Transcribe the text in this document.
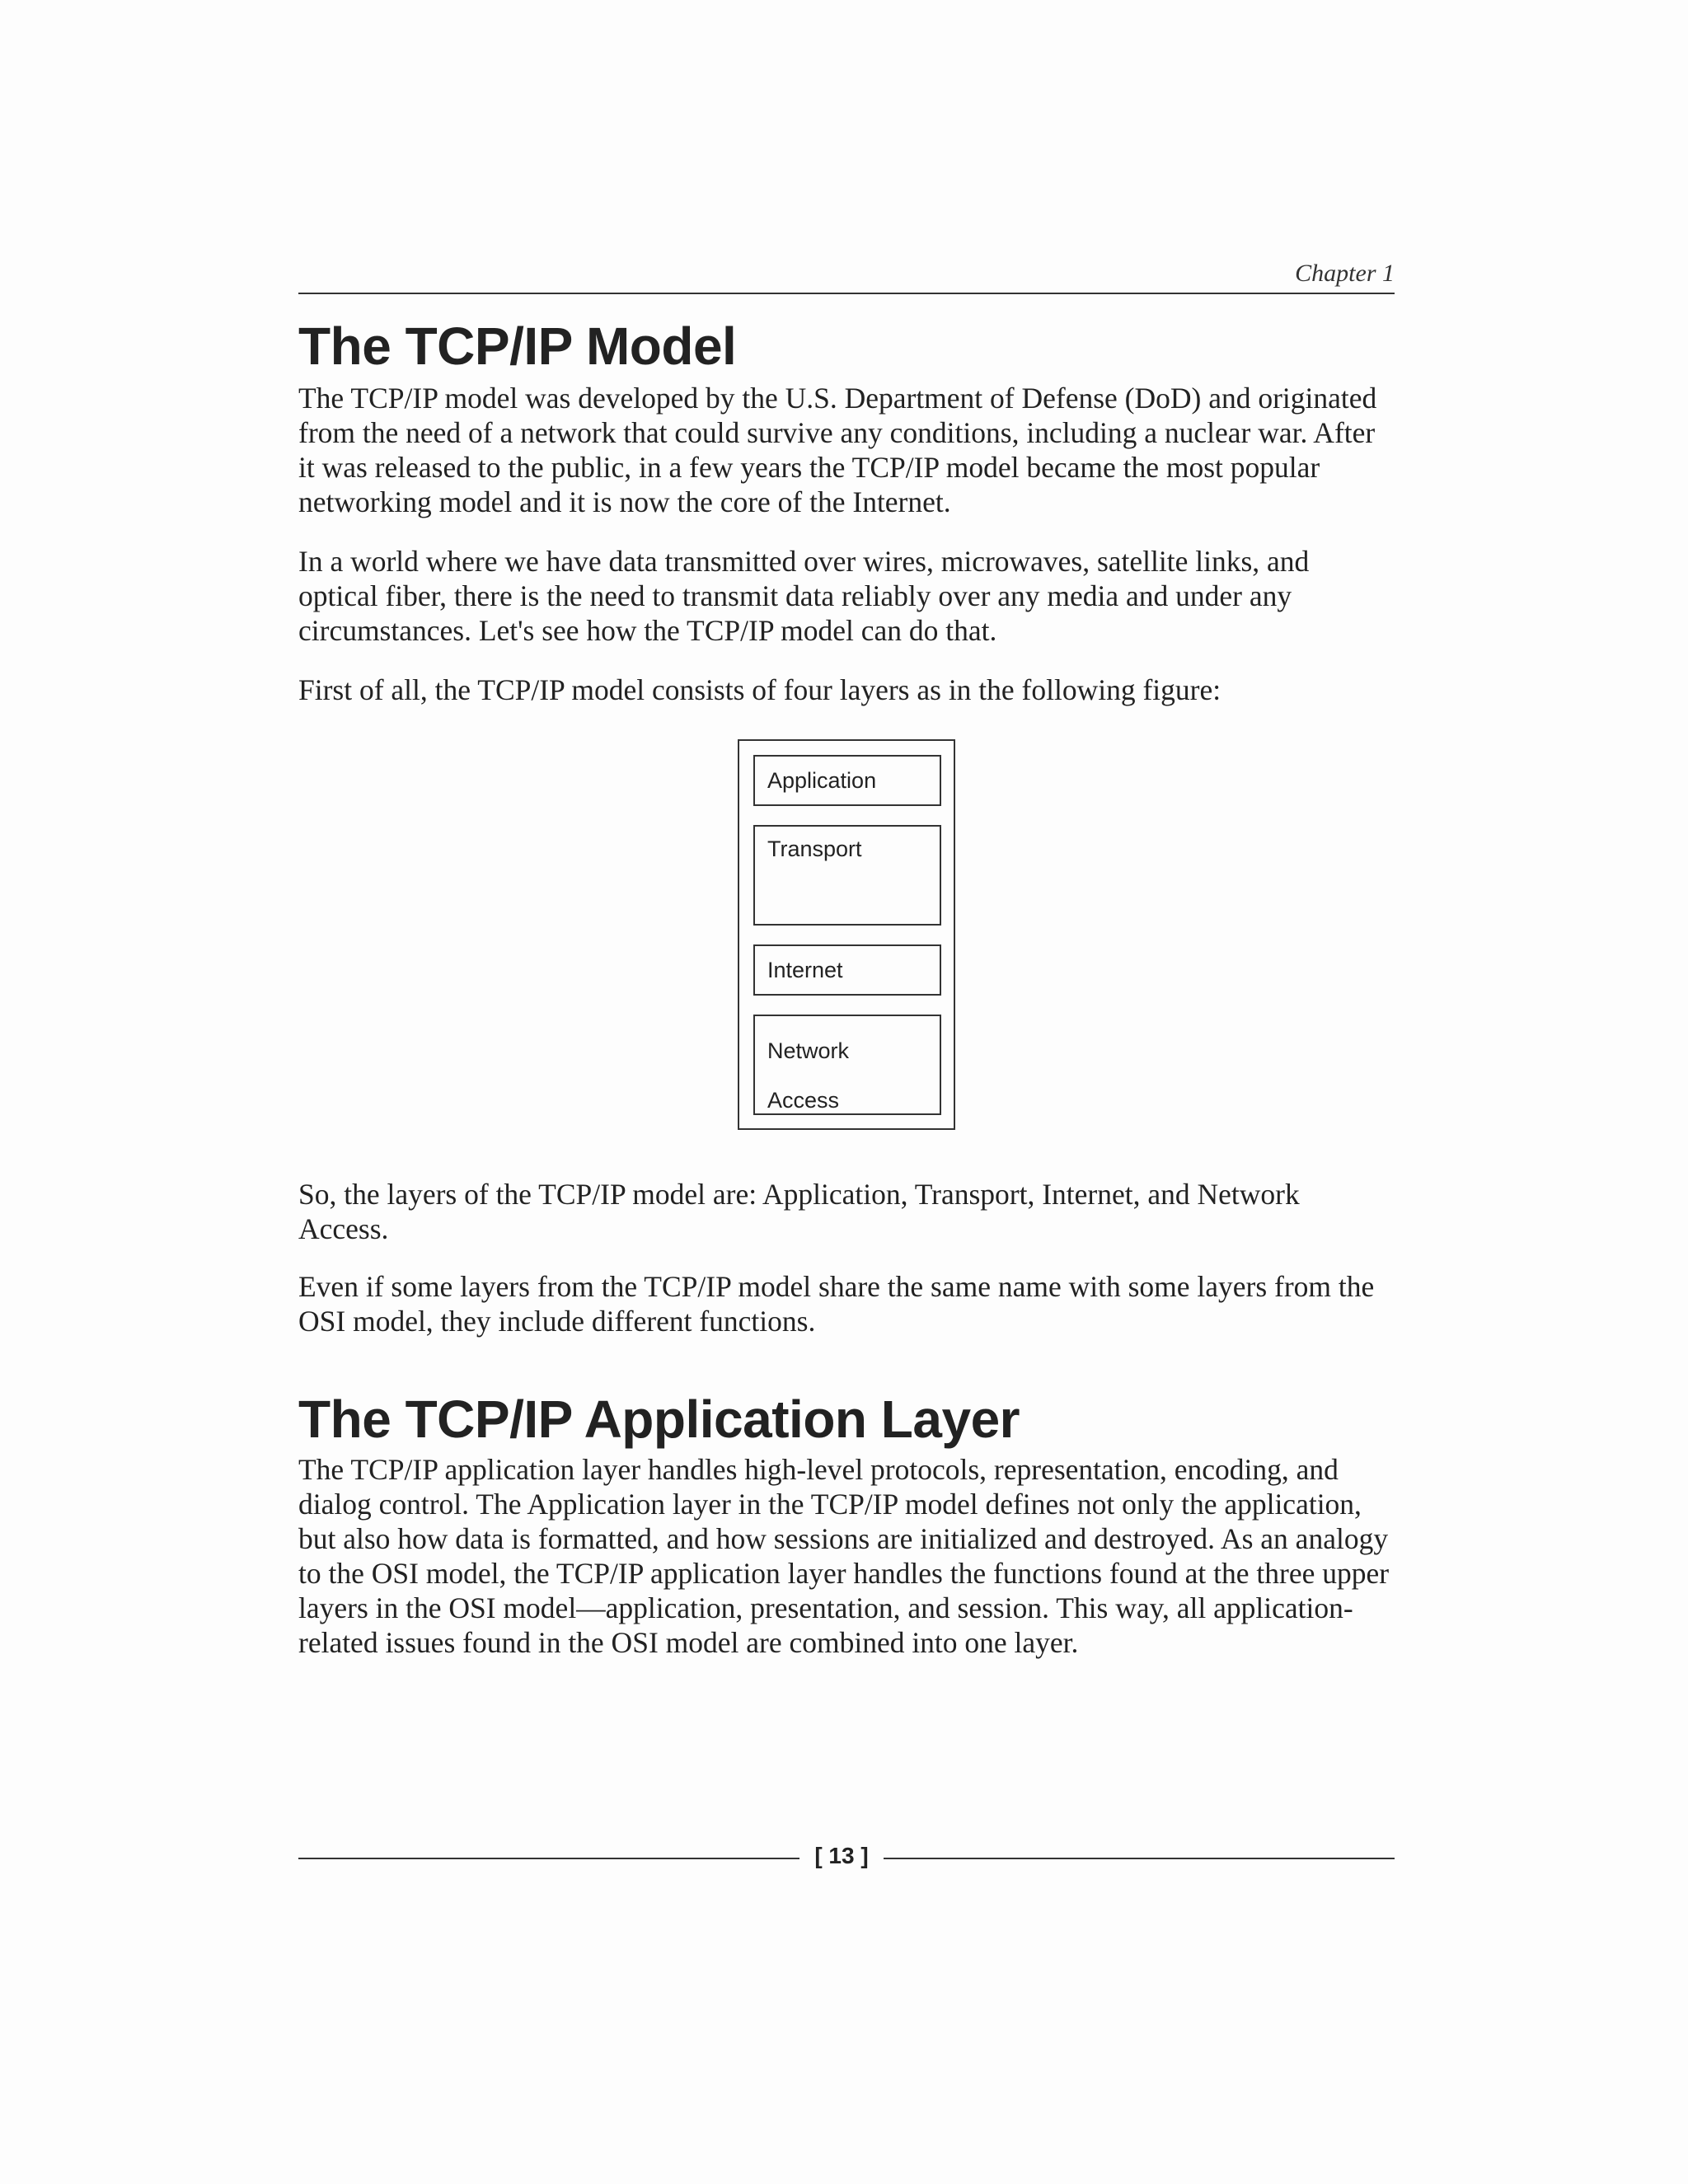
Chapter 1
The TCP/IP Model

The TCP/IP model was developed by the U.S. Department of Defense (DoD) and originated from the need of a network that could survive any conditions, including a nuclear war. After it was released to the public, in a few years the TCP/IP model became the most popular networking model and it is now the core of the Internet.

In a world where we have data transmitted over wires, microwaves, satellite links, and optical fiber, there is the need to transmit data reliably over any media and under any circumstances. Let's see how the TCP/IP model can do that.

First of all, the TCP/IP model consists of four layers as in the following figure:

Application
Transport
Internet
Network
Access

So, the layers of the TCP/IP model are: Application, Transport, Internet, and Network Access.

Even if some layers from the TCP/IP model share the same name with some layers from the OSI model, they include different functions.

The TCP/IP Application Layer

The TCP/IP application layer handles high-level protocols, representation, encoding, and dialog control. The Application layer in the TCP/IP model defines not only the application, but also how data is formatted, and how sessions are initialized and destroyed. As an analogy to the OSI model, the TCP/IP application layer handles the functions found at the three upper layers in the OSI model—application, presentation, and session. This way, all application-related issues found in the OSI model are combined into one layer.

[ 13 ]
